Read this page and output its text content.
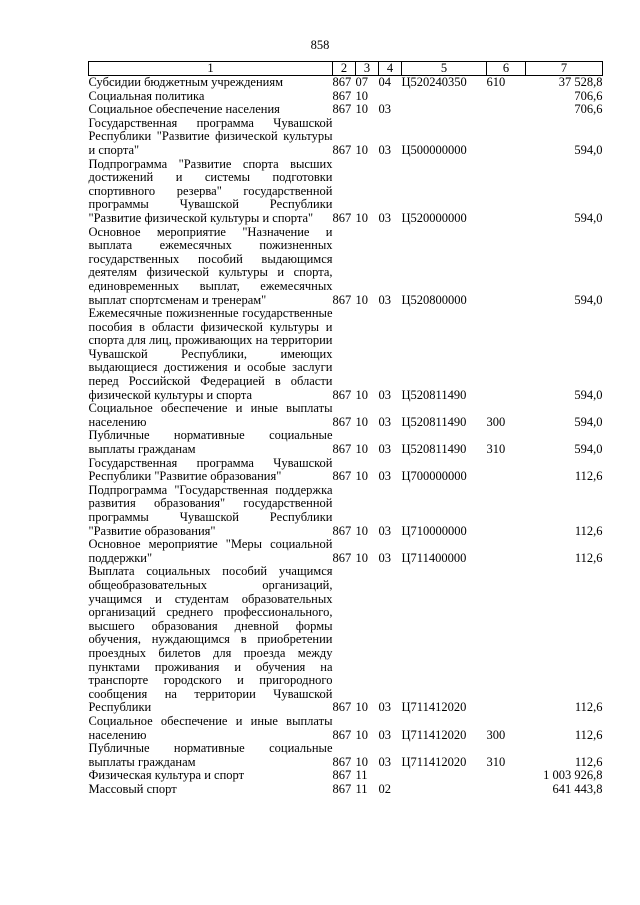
858
1	2	3	4	5	6	7
Субсидии бюджетным учреждениям	867	07	04	Ц520240350	610	37 528,8
Социальная политика	867	10				706,6
Социальное обеспечение населения	867	10	03			706,6
Государственная программа Чувашской Республики "Развитие физической культуры и спорта"	867	10	03	Ц500000000		594,0
Подпрограмма "Развитие спорта высших достижений и системы подготовки спортивного резерва" государственной программы Чувашской Республики "Развитие физической культуры и спорта"	867	10	03	Ц520000000		594,0
Основное мероприятие "Назначение и выплата ежемесячных пожизненных государственных пособий выдающимся деятелям физической культуры и спорта, единовременных выплат, ежемесячных выплат спортсменам и тренерам"	867	10	03	Ц520800000		594,0
Ежемесячные пожизненные государственные пособия в области физической культуры и спорта для лиц, проживающих на территории Чувашской Республики, имеющих выдающиеся достижения и особые заслуги перед Российской Федерацией в области физической культуры и спорта	867	10	03	Ц520811490		594,0
Социальное обеспечение и иные выплаты населению	867	10	03	Ц520811490	300	594,0
Публичные нормативные социальные выплаты гражданам	867	10	03	Ц520811490	310	594,0
Государственная программа Чувашской Республики "Развитие образования"	867	10	03	Ц700000000		112,6
Подпрограмма "Государственная поддержка развития образования" государственной программы Чувашской Республики "Развитие образования"	867	10	03	Ц710000000		112,6
Основное мероприятие "Меры социальной поддержки"	867	10	03	Ц711400000		112,6
Выплата социальных пособий учащимся общеобразовательных организаций, учащимся и студентам образовательных организаций среднего профессионального, высшего образования дневной формы обучения, нуждающимся в приобретении проездных билетов для проезда между пунктами проживания и обучения на транспорте городского и пригородного сообщения на территории Чувашской Республики	867	10	03	Ц711412020		112,6
Социальное обеспечение и иные выплаты населению	867	10	03	Ц711412020	300	112,6
Публичные нормативные социальные выплаты гражданам	867	10	03	Ц711412020	310	112,6
Физическая культура и спорт	867	11				1 003 926,8
Массовый спорт	867	11	02			641 443,8
